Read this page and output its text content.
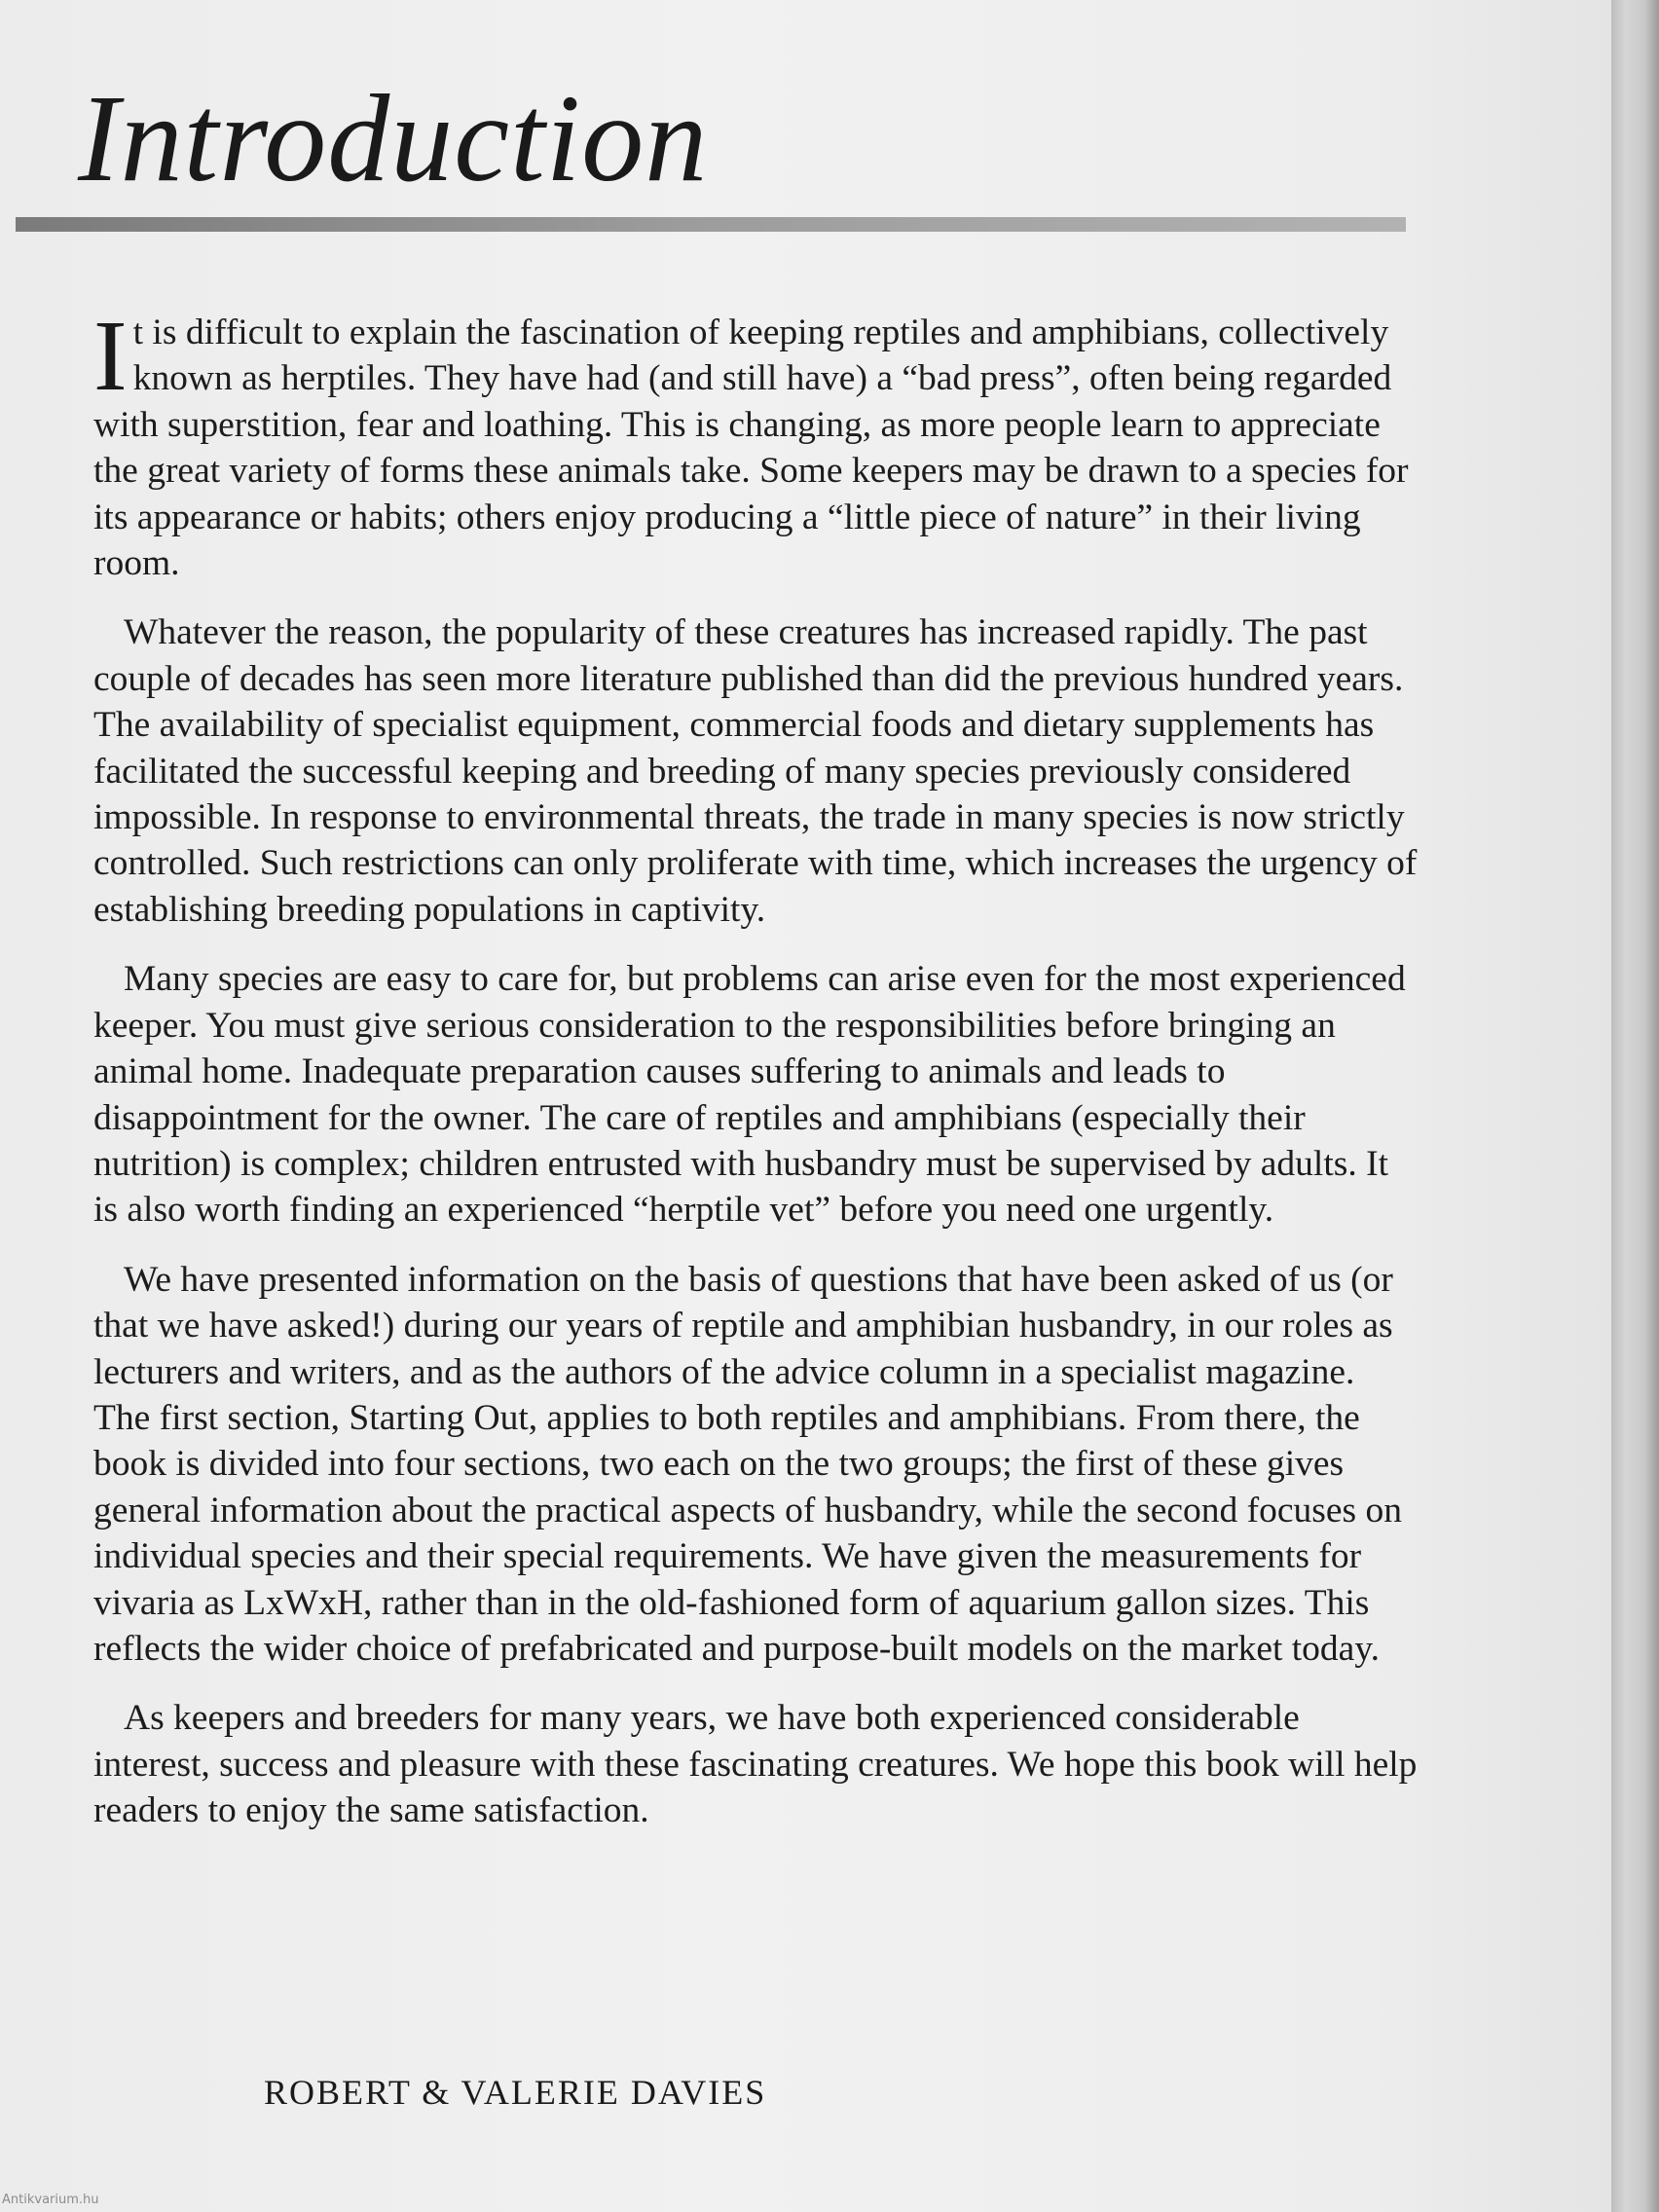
Introduction

It is difficult to explain the fascination of keeping reptiles and amphibians, collectively known as herptiles. They have had (and still have) a “bad press”, often being regarded with superstition, fear and loathing. This is changing, as more people learn to appreciate the great variety of forms these animals take. Some keepers may be drawn to a species for its appearance or habits; others enjoy producing a “little piece of nature” in their living room.

Whatever the reason, the popularity of these creatures has increased rapidly. The past couple of decades has seen more literature published than did the previous hundred years. The availability of specialist equipment, commercial foods and dietary supplements has facilitated the successful keeping and breeding of many species previously considered impossible. In response to environmental threats, the trade in many species is now strictly controlled. Such restrictions can only proliferate with time, which increases the urgency of establishing breeding populations in captivity.

Many species are easy to care for, but problems can arise even for the most experienced keeper. You must give serious consideration to the responsibilities before bringing an animal home. Inadequate preparation causes suffering to animals and leads to disappointment for the owner. The care of reptiles and amphibians (especially their nutrition) is complex; children entrusted with husbandry must be supervised by adults. It is also worth finding an experienced “herptile vet” before you need one urgently.

We have presented information on the basis of questions that have been asked of us (or that we have asked!) during our years of reptile and amphibian husbandry, in our roles as lecturers and writers, and as the authors of the advice column in a specialist magazine. The first section, Starting Out, applies to both reptiles and amphibians. From there, the book is divided into four sections, two each on the two groups; the first of these gives general information about the practical aspects of husbandry, while the second focuses on individual species and their special requirements. We have given the measurements for vivaria as LxWxH, rather than in the old-fashioned form of aquarium gallon sizes. This reflects the wider choice of prefabricated and purpose-built models on the market today.

As keepers and breeders for many years, we have both experienced considerable interest, success and pleasure with these fascinating creatures. We hope this book will help readers to enjoy the same satisfaction.

ROBERT & VALERIE DAVIES

Antikvarium.hu
